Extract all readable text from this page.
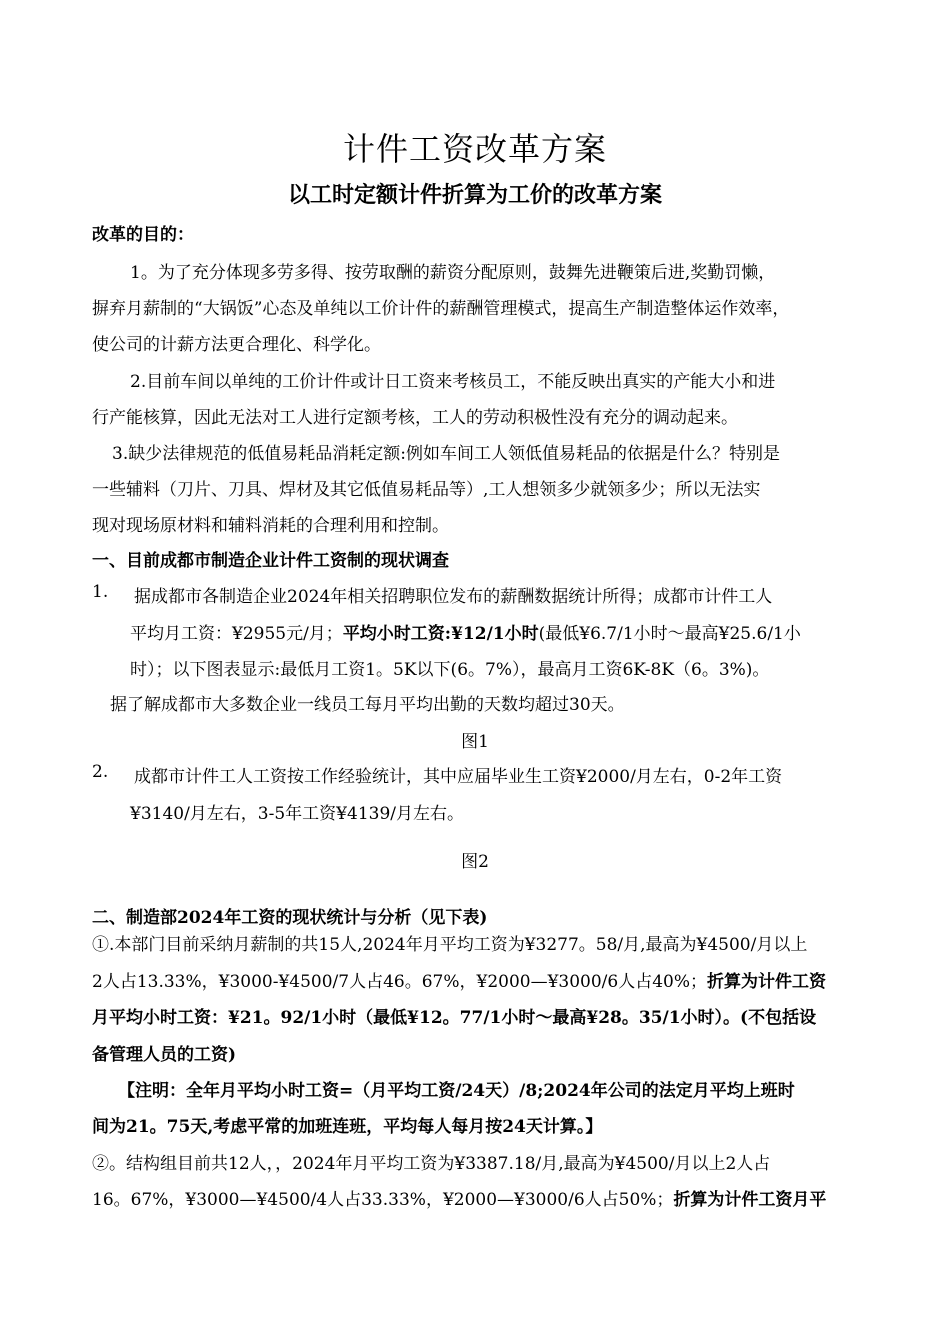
计件工资改革方案
以工时定额计件折算为工价的改革方案
改革的目的：
1。为了充分体现多劳多得、按劳取酬的薪资分配原则，鼓舞先进鞭策后进,奖勤罚懒，
摒弃月薪制的“大锅饭”心态及单纯以工价计件的薪酬管理模式，提高生产制造整体运作效率，
使公司的计薪方法更合理化、科学化。
2.目前车间以单纯的工价计件或计日工资来考核员工，不能反映出真实的产能大小和进
行产能核算，因此无法对工人进行定额考核，工人的劳动积极性没有充分的调动起来。
3.缺少法律规范的低值易耗品消耗定额:例如车间工人领低值易耗品的依据是什么？特别是
一些辅料（刀片、刀具、焊材及其它低值易耗品等）,工人想领多少就领多少；所以无法实
现对现场原材料和辅料消耗的合理利用和控制。
一、目前成都市制造企业计件工资制的现状调查
1. 据成都市各制造企业2024年相关招聘职位发布的薪酬数据统计所得；成都市计件工人
平均月工资：¥2955元/月；平均小时工资:¥12/1小时(最低¥6.7/1小时～最高¥25.6/1小
时）；以下图表显示:最低月工资1。5K以下(6。7%），最高月工资6K-8K（6。3%)。
据了解成都市大多数企业一线员工每月平均出勤的天数均超过30天。
图1
2. 成都市计件工人工资按工作经验统计，其中应届毕业生工资¥2000/月左右，0-2年工资
¥3140/月左右，3-5年工资¥4139/月左右。
图2
二、制造部2024年工资的现状统计与分析（见下表)
①.本部门目前采纳月薪制的共15人,2024年月平均工资为¥3277。58/月,最高为¥4500/月以上
2人占13.33%，¥3000-¥4500/7人占46。67%，¥2000—¥3000/6人占40%；折算为计件工资
月平均小时工资：¥21。92/1小时（最低¥12。77/1小时～最高¥28。35/1小时）。(不包括设
备管理人员的工资)
【注明：全年月平均小时工资=（月平均工资/24天）/8;2024年公司的法定月平均上班时
间为21。75天,考虑平常的加班连班，平均每人每月按24天计算。】
②。结构组目前共12人，，2024年月平均工资为¥3387.18/月,最高为¥4500/月以上2人占
16。67%，¥3000—¥4500/4人占33.33%，¥2000—¥3000/6人占50%；折算为计件工资月平
